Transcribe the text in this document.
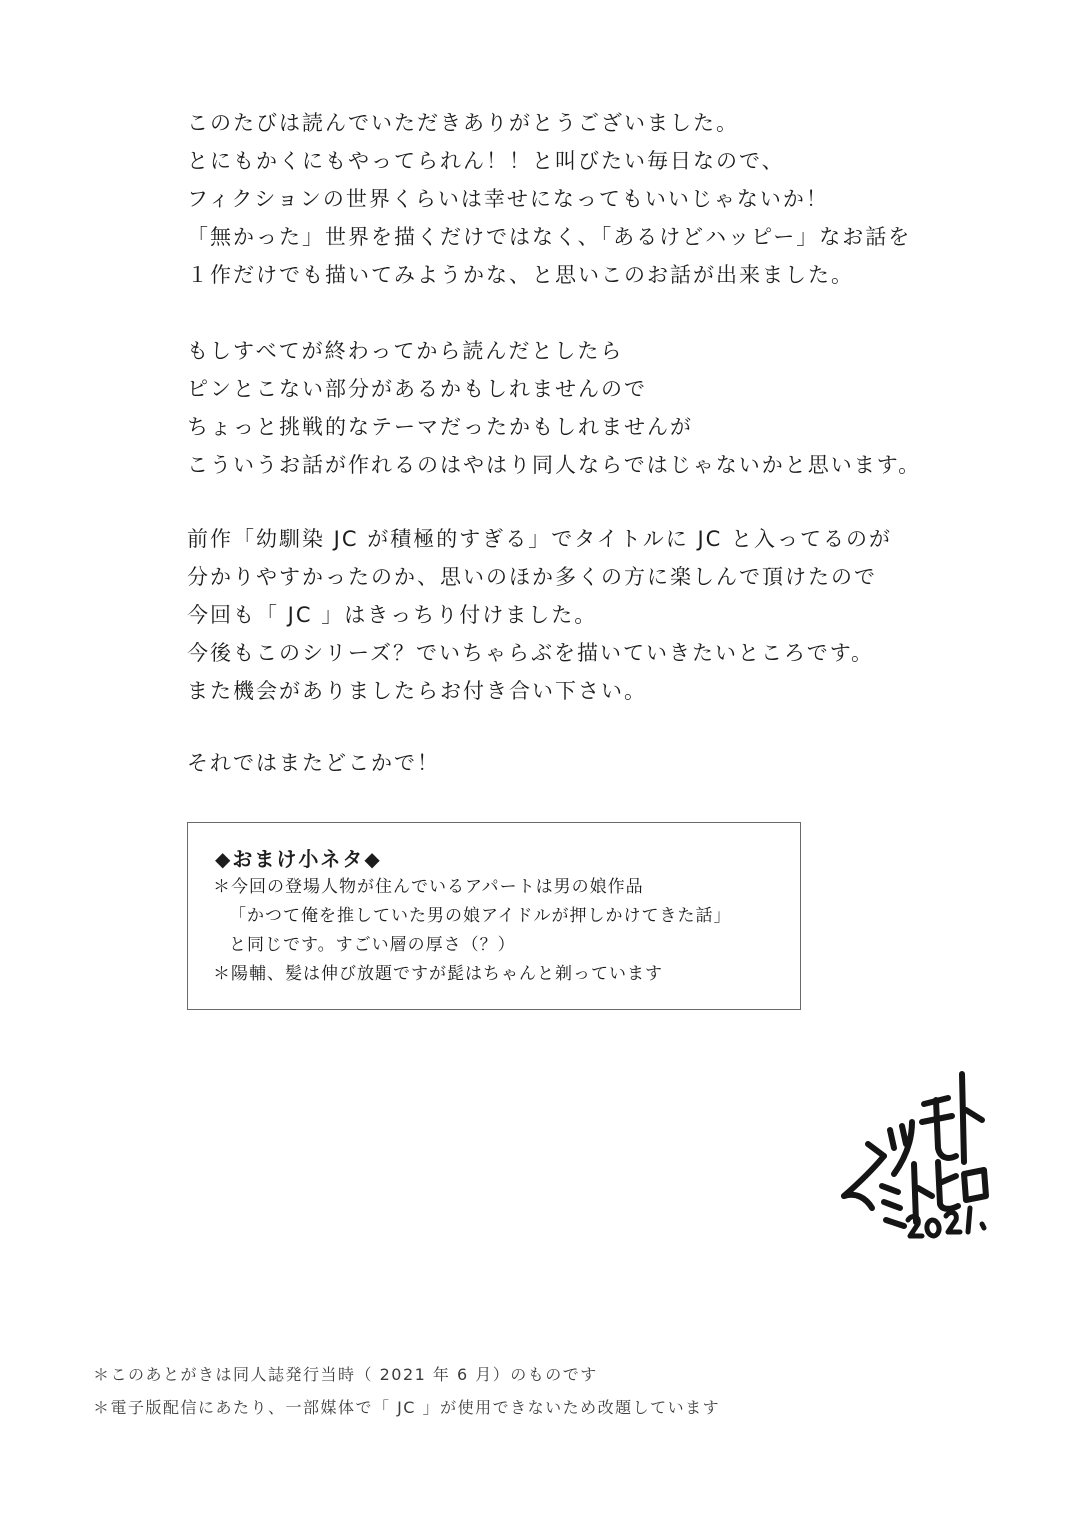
このたびは読んでいただきありがとうございました。
とにもかくにもやってられん！！と叫びたい毎日なので、
フィクションの世界くらいは幸せになってもいいじゃないか！
「無かった」世界を描くだけではなく、「あるけどハッピー」なお話を
１作だけでも描いてみようかな、と思いこのお話が出来ました。
もしすべてが終わってから読んだとしたら
ピンとこない部分があるかもしれませんので
ちょっと挑戦的なテーマだったかもしれませんが
こういうお話が作れるのはやはり同人ならではじゃないかと思います。
前作「幼馴染 JC が積極的すぎる」でタイトルに JC と入ってるのが
分かりやすかったのか、思いのほか多くの方に楽しんで頂けたので
今回も「 JC 」はきっちり付けました。
今後もこのシリーズ？でいちゃらぶを描いていきたいところです。
また機会がありましたらお付き合い下さい。
それではまたどこかで！
◆おまけ小ネタ◆
＊今回の登場人物が住んでいるアパートは男の娘作品
「かつて俺を推していた男の娘アイドルが押しかけてきた話」
と同じです。すごい層の厚さ（？）
＊陽輔、髪は伸び放題ですが髭はちゃんと剃っています
＊このあとがきは同人誌発行当時（ 2021 年 6 月）のものです
＊電子版配信にあたり、一部媒体で「 JC 」が使用できないため改題しています
